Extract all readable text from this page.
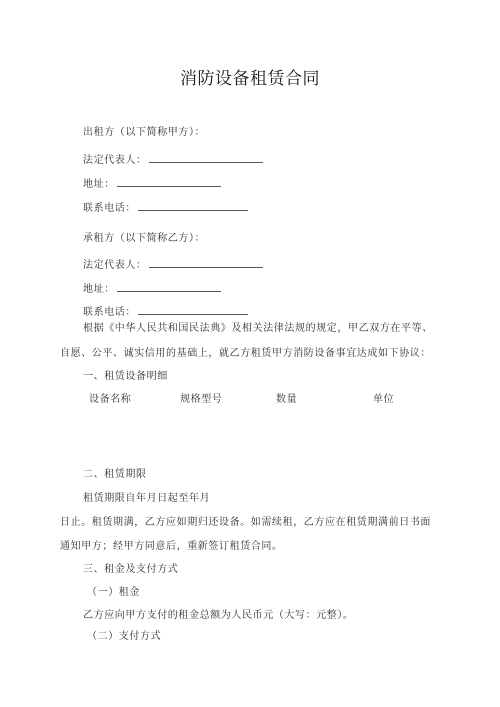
消防设备租赁合同
出租方（以下简称甲方）：
法定代表人：
地址：
联系电话：
承租方（以下简称乙方）：
法定代表人：
地址：
联系电话：
根据《中华人民共和国民法典》及相关法律法规的规定，甲乙双方在平等、
自愿、公平、诚实信用的基础上，就乙方租赁甲方消防设备事宜达成如下协议：
一、租赁设备明细
设备名称	规格型号	数量	单位
二、租赁期限
租赁期限自年月日起至年月
日止。租赁期满，乙方应如期归还设备。如需续租，乙方应在租赁期满前日书面
通知甲方；经甲方同意后，重新签订租赁合同。
三、租金及支付方式
（一）租金
乙方应向甲方支付的租金总额为人民币元（大写：元整）。
（二）支付方式
